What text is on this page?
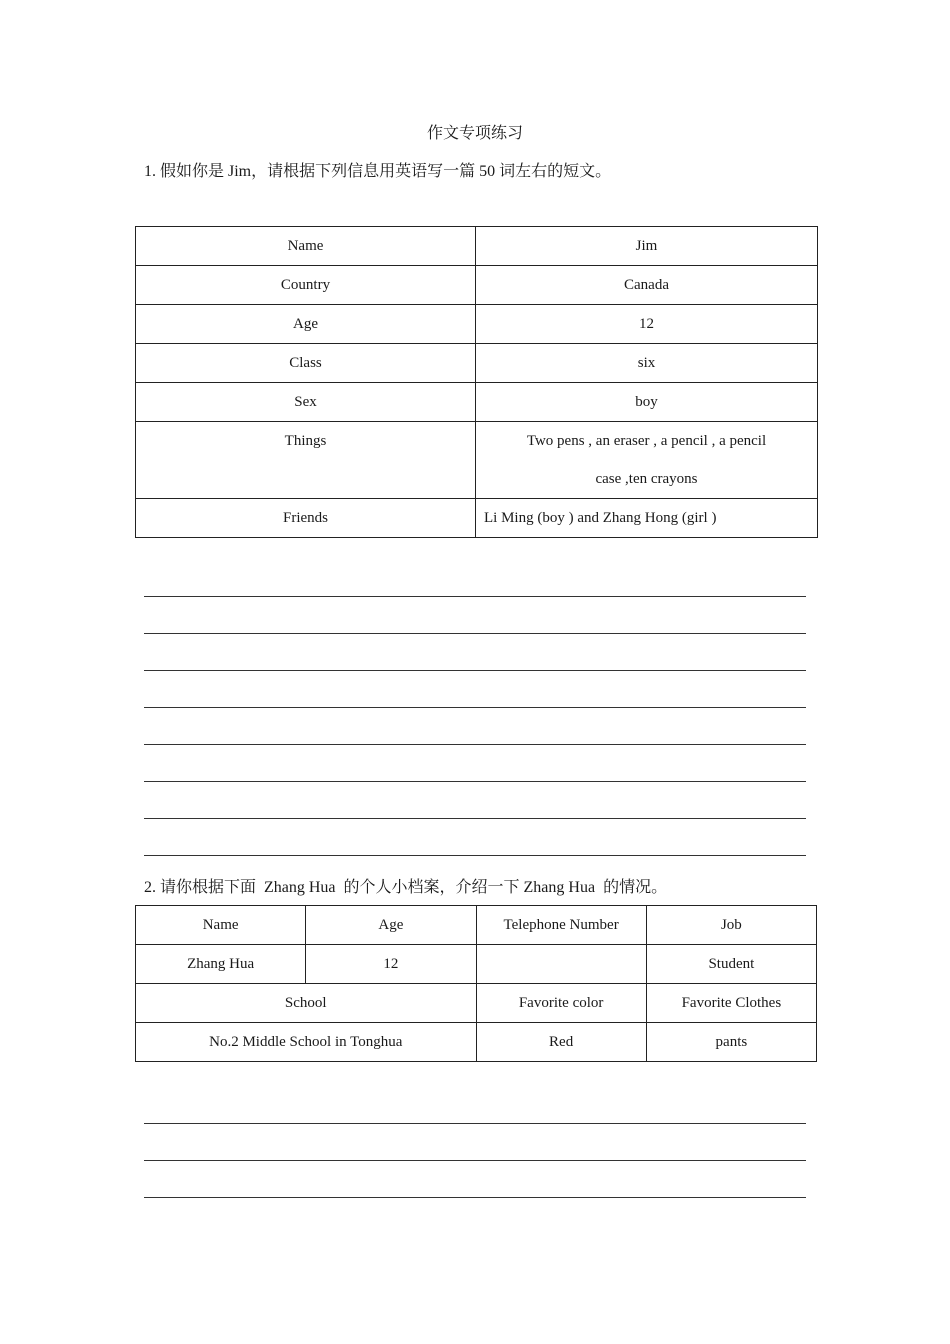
作文专项练习
1. 假如你是 Jim，请根据下列信息用英语写一篇 50 词左右的短文。
Name	Jim
Country	Canada
Age	12
Class	six
Sex	boy
Things	Two pens , an eraser , a pencil , a pencil
case ,ten crayons

Friends	Li Ming (boy ) and Zhang Hong (girl )
2. 请你根据下面  Zhang Hua  的个人小档案，介绍一下 Zhang Hua  的情况。
Name	Age	Telephone Number	Job
Zhang Hua	12		Student
School		Favorite color	Favorite Clothes
No.2 Middle School in Tonghua		Red	pants
